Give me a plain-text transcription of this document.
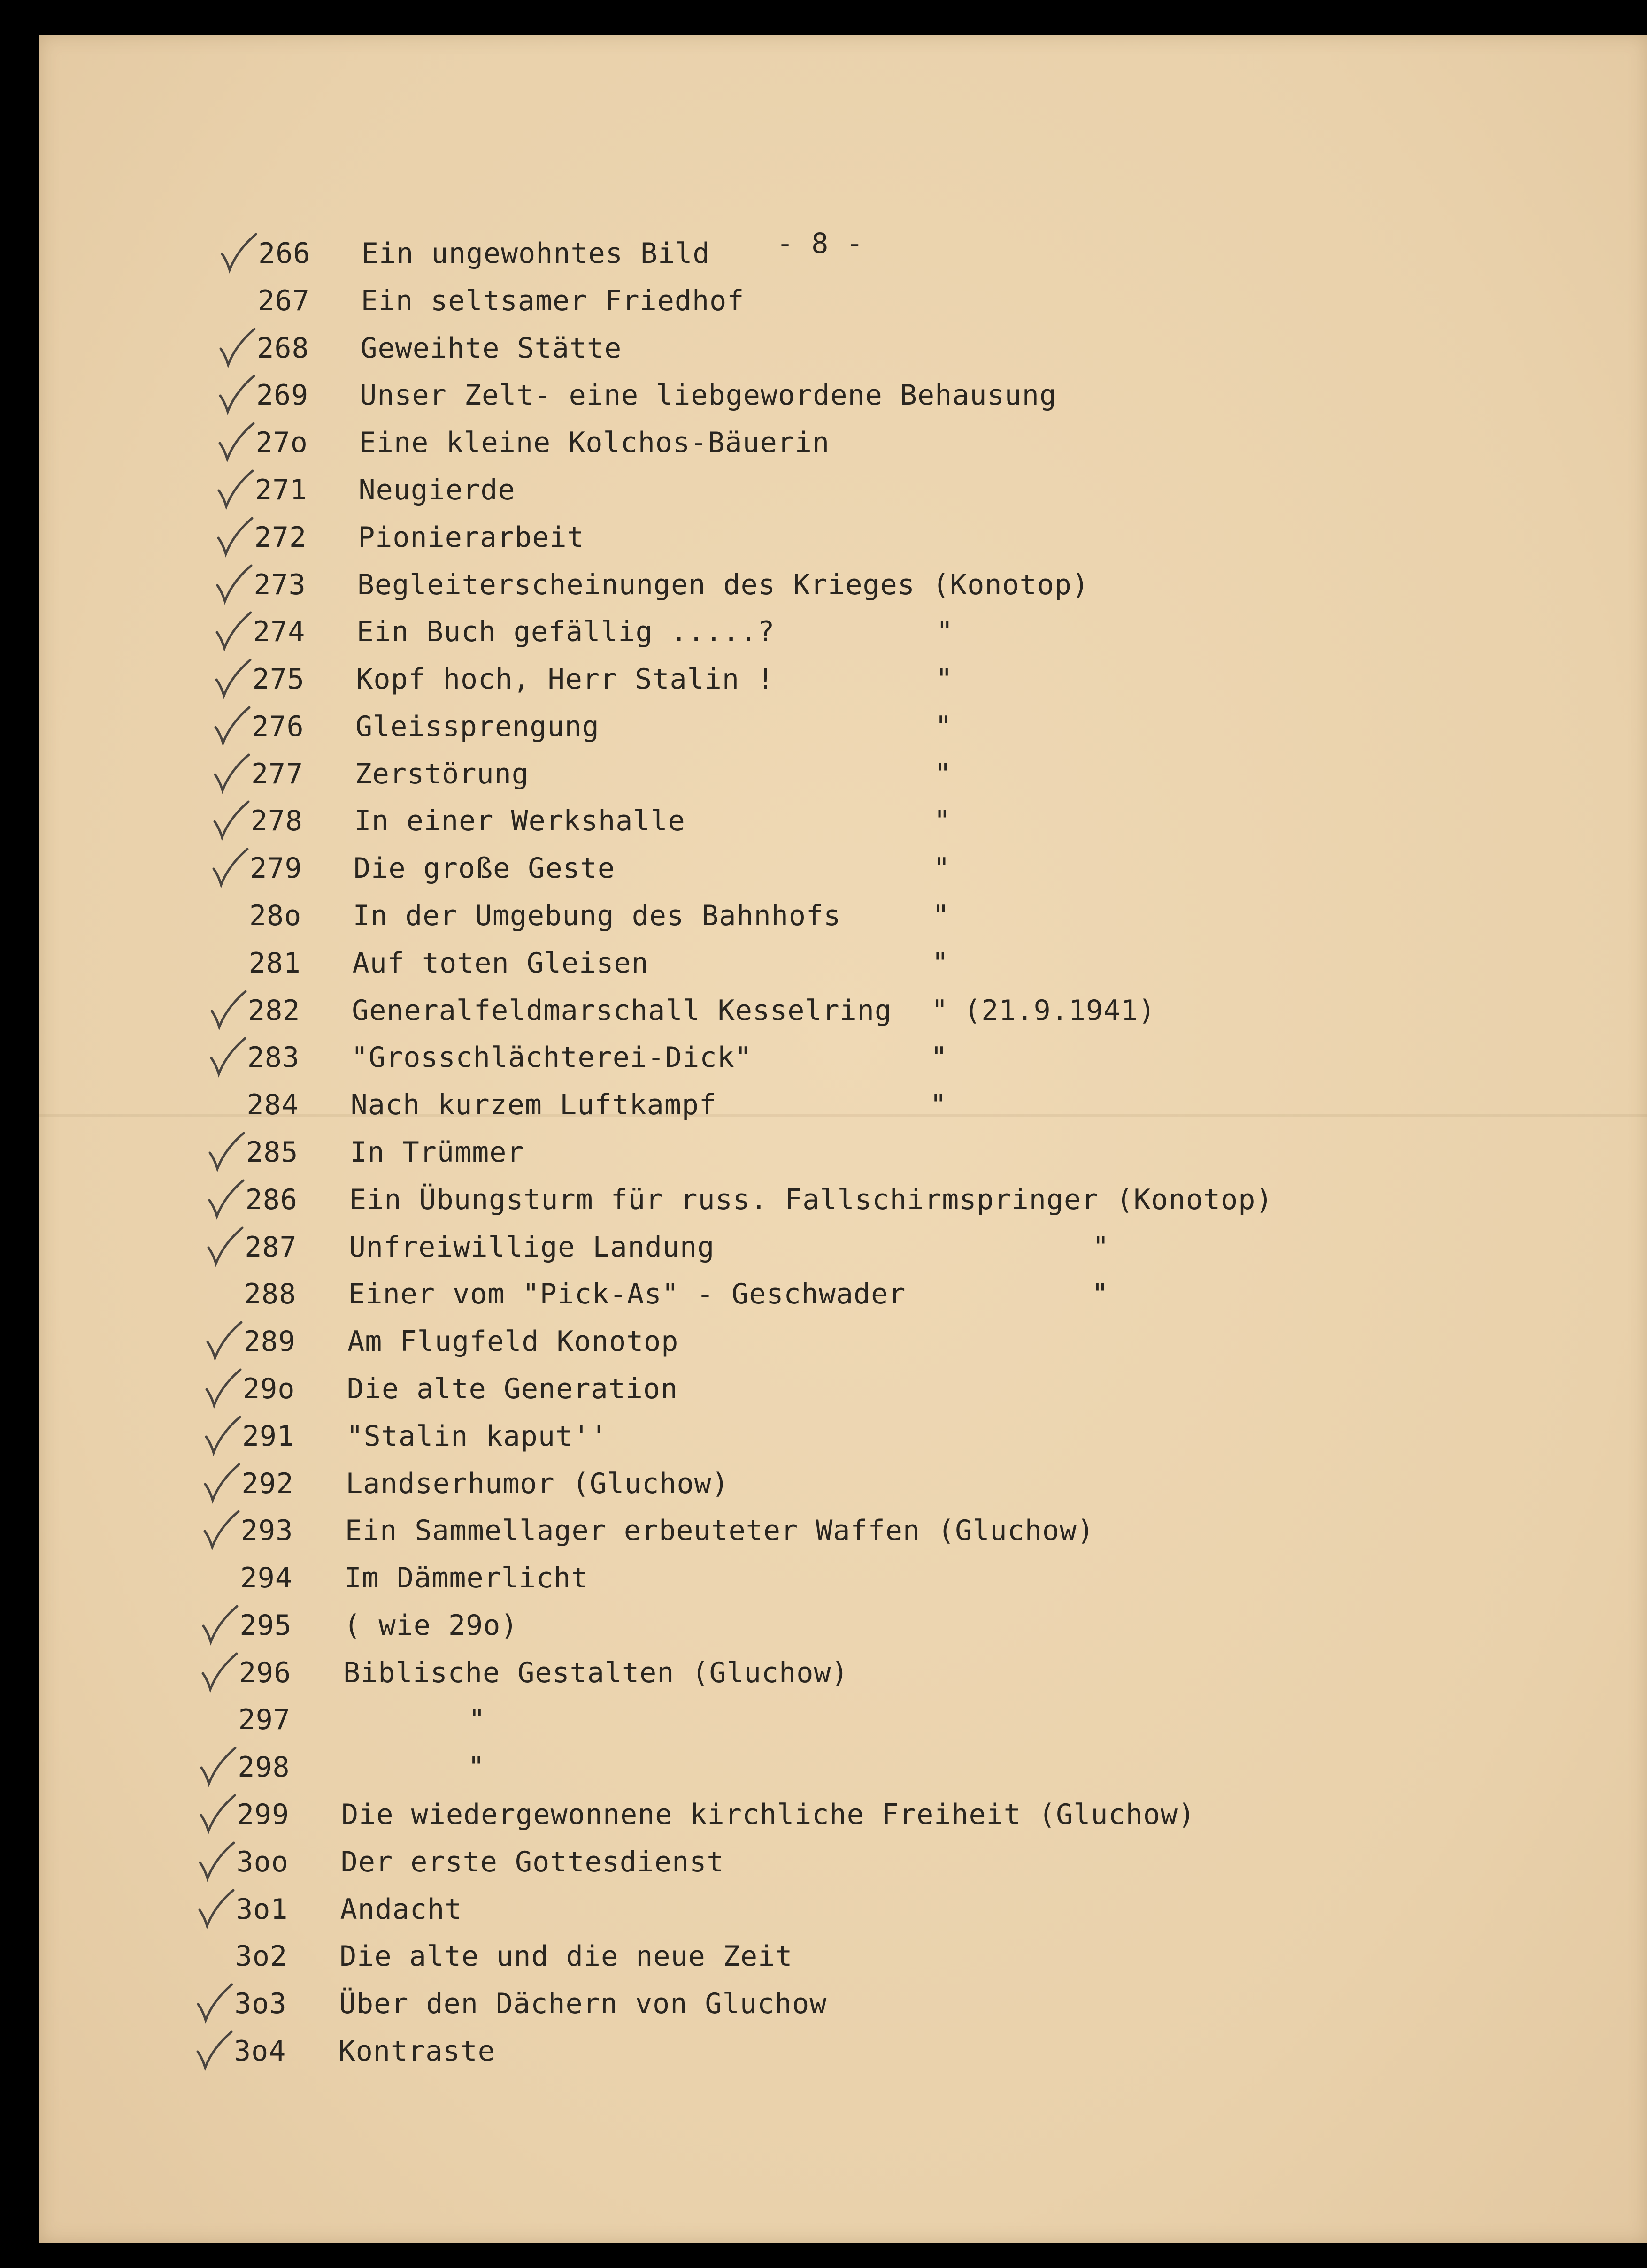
- 8 -
266 Ein ungewohntes Bild
267 Ein seltsamer Friedhof
268 Geweihte Stätte
269 Unser Zelt- eine liebgewordene Behausung
27o Eine kleine Kolchos-Bäuerin
271 Neugierde
272 Pionierarbeit
273 Begleiterscheinungen des Krieges (Konotop)
274 Ein Buch gefällig .....?	"
275 Kopf hoch, Herr Stalin !	"
276 Gleissprengung	"
277 Zerstörung	"
278 In einer Werkshalle	"
279 Die große Geste	"
28o In der Umgebung des Bahnhofs	"
281 Auf toten Gleisen	"
282 Generalfeldmarschall Kesselring " (21.9.1941)
283 "Grosschlächterei-Dick"	"
284 Nach kurzem Luftkampf	"
285 In Trümmer
286 Ein Übungsturm für russ. Fallschirmspringer (Konotop)
287 Unfreiwillige Landung	"
288 Einer vom "Pick-As" - Geschwader	"
289 Am Flugfeld Konotop
29o Die alte Generation
291 "Stalin kaput''
292 Landserhumor (Gluchow)
293 Ein Sammellager erbeuteter Waffen (Gluchow)
294 Im Dämmerlicht
295 ( wie 29o)
296 Biblische Gestalten (Gluchow)
297	"
298	"
299 Die wiedergewonnene kirchliche Freiheit (Gluchow)
3oo Der erste Gottesdienst
3o1 Andacht
3o2 Die alte und die neue Zeit
3o3 Über den Dächern von Gluchow
3o4 Kontraste
